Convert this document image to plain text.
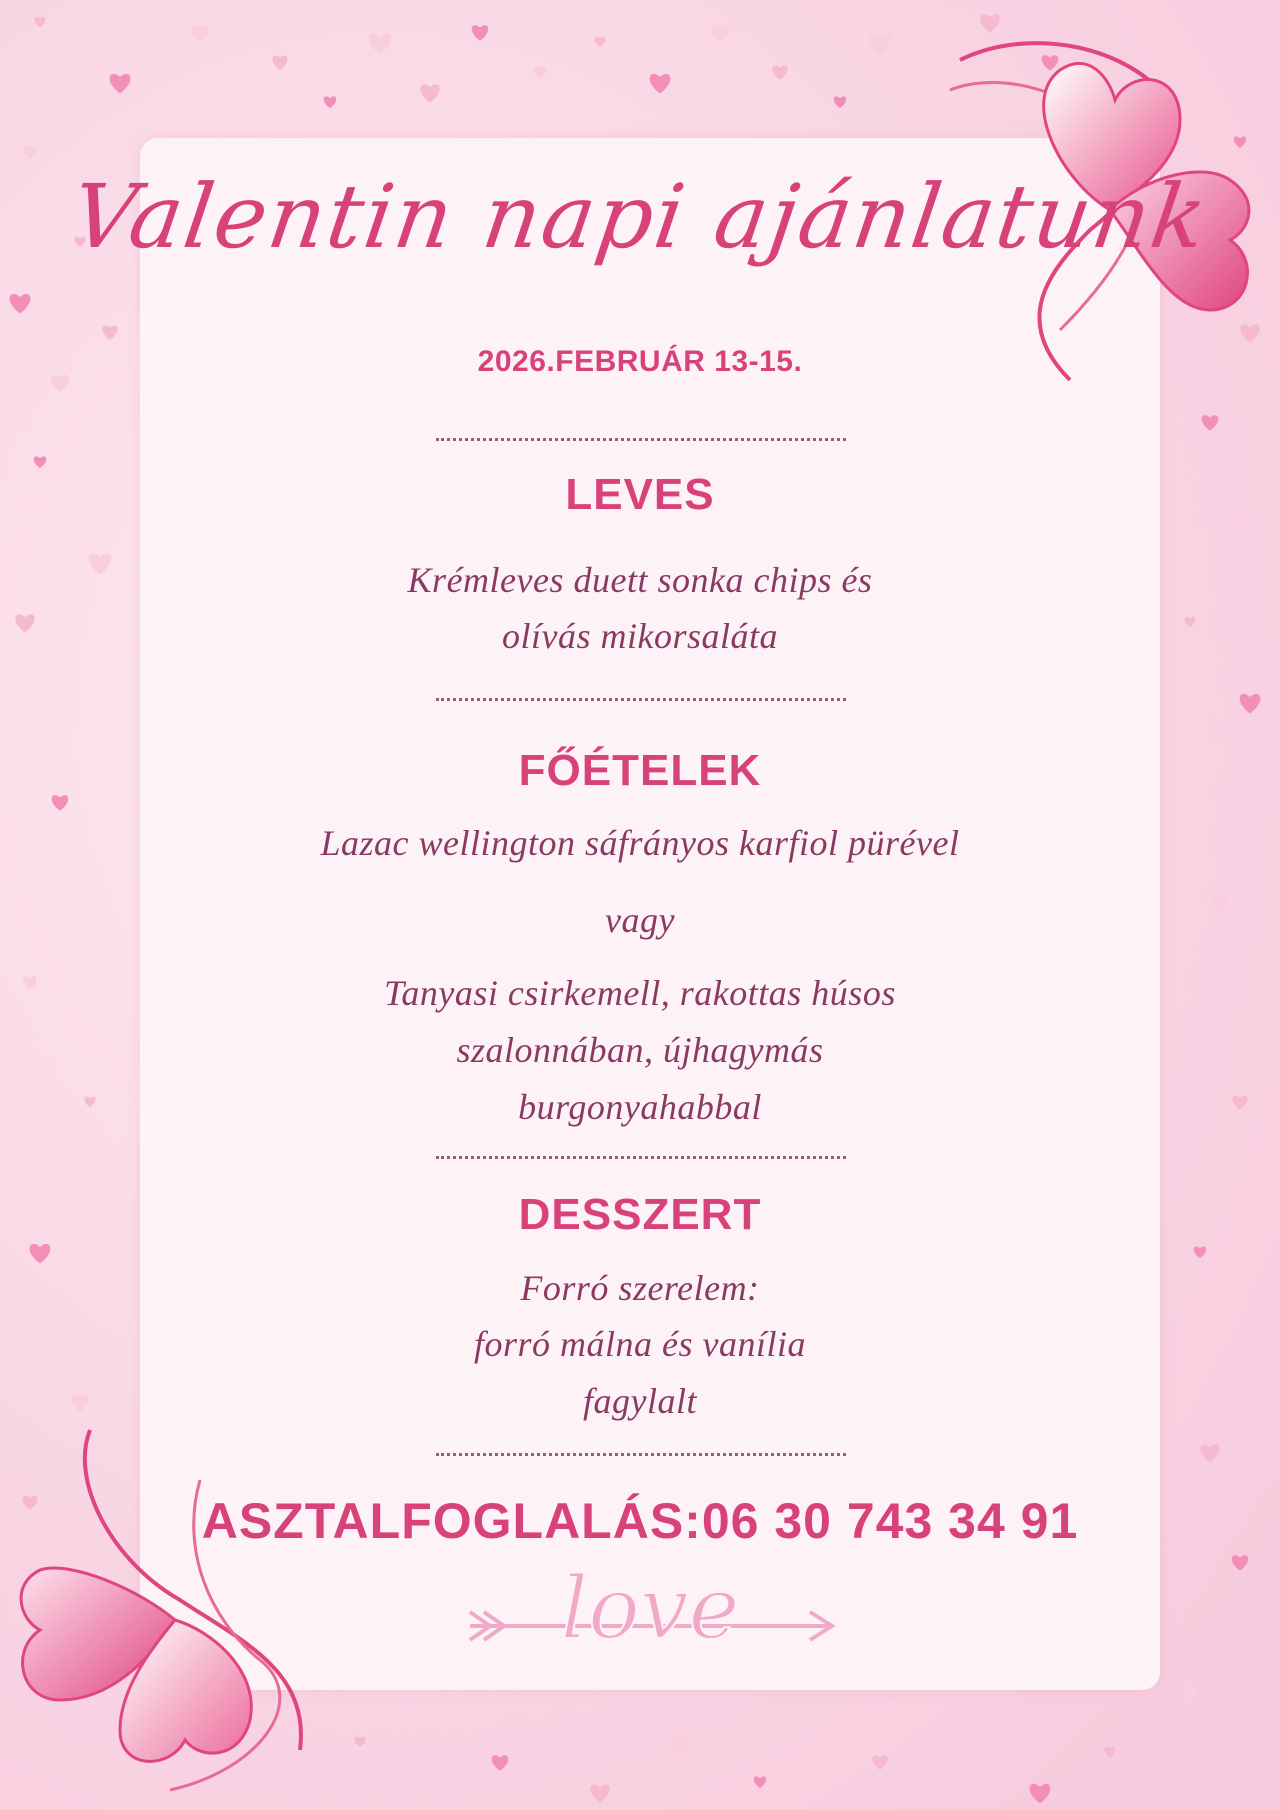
Valentin napi ajánlatunk
2026.FEBRUÁR 13-15.
LEVES
Krémleves duett sonka chips és
olívás mikorsaláta
FŐÉTELEK
Lazac wellington sáfrányos karfiol pürével
vagy
Tanyasi csirkemell, rakottas húsos
szalonnában, újhagymás
burgonyahabbal
DESSZERT
Forró szerelem:
forró málna és vanília
fagylalt
ASZTALFOGLALÁS:06 30 743 34 91
love
